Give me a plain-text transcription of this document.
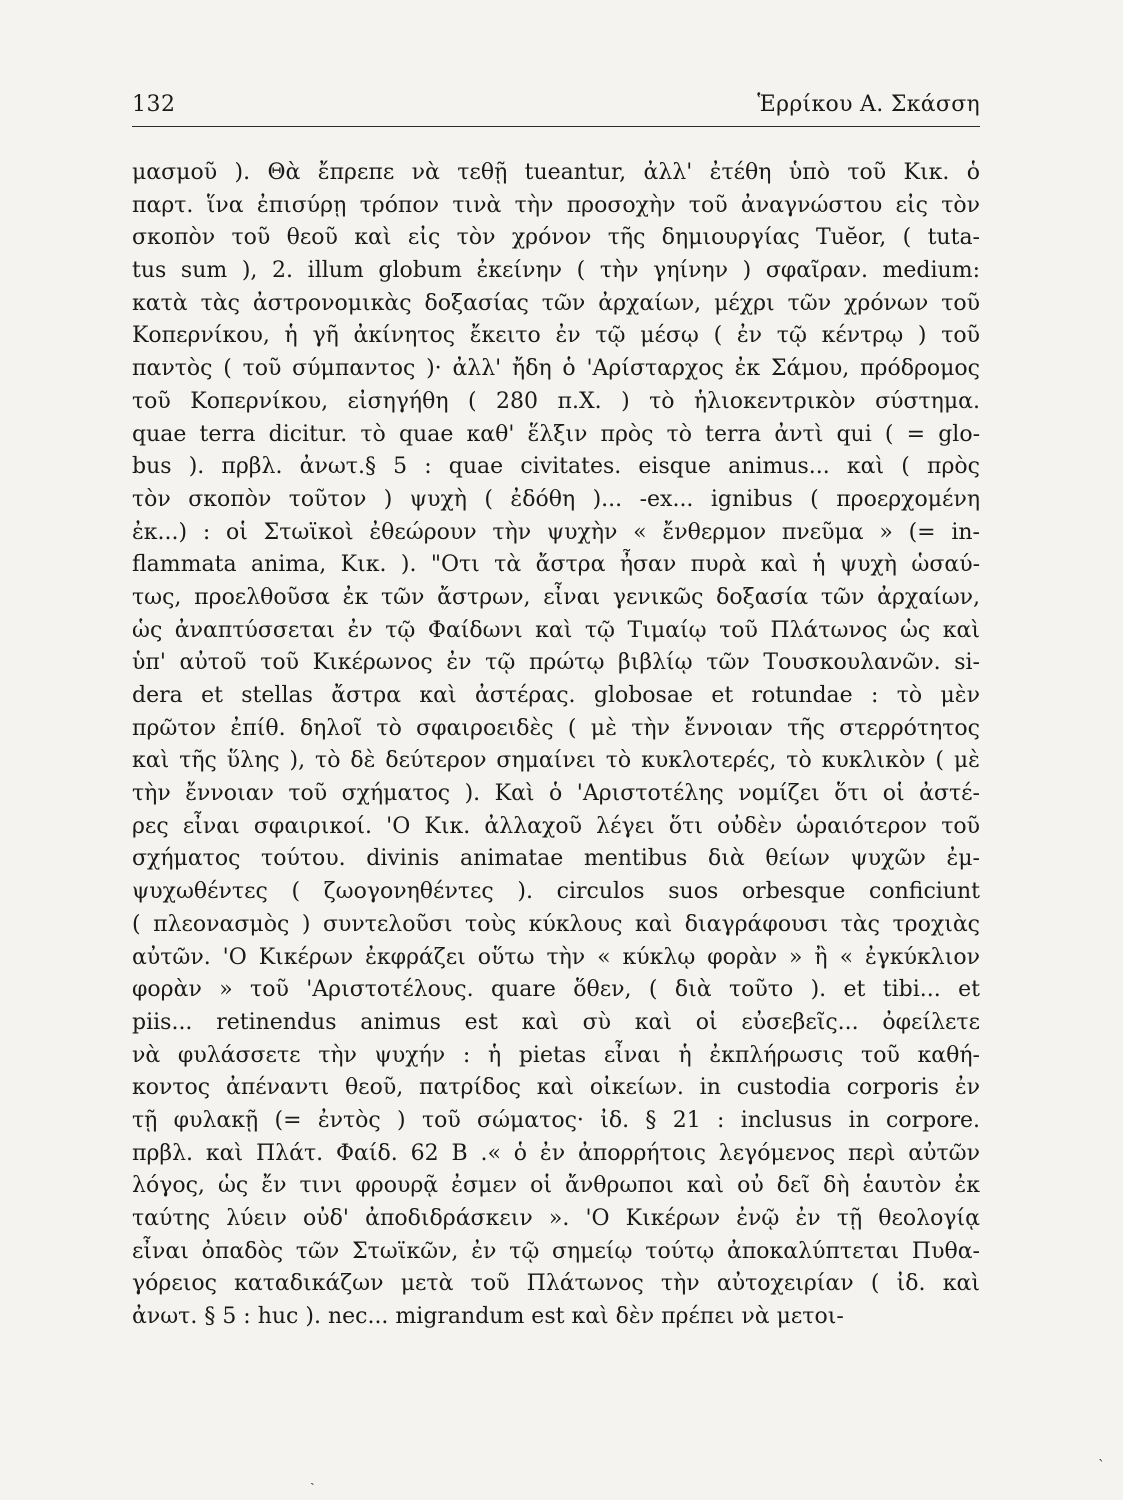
132	Ἑρρίκου Α. Σκάσση
μασμοῦ ). Θὰ ἔπρεπε νὰ τεθῇ tueantur, ἀλλ' ἐτέθη ὑπὸ τοῦ Κικ. ὁ
παρτ. ἵνα ἐπισύρῃ τρόπον τινὰ τὴν προσοχὴν τοῦ ἀναγνώστου εἰς τὸν
σκοπὸν τοῦ θεοῦ καὶ εἰς τὸν χρόνον τῆς δημιουργίας Tuĕor, ( tuta-
tus sum ), 2. illum globum ἐκείνην ( τὴν γηίνην ) σφαῖραν. medium:
κατὰ τὰς ἀστρονομικὰς δοξασίας τῶν ἀρχαίων, μέχρι τῶν χρόνων τοῦ
Κοπερνίκου, ἡ γῆ ἀκίνητος ἔκειτο ἐν τῷ μέσῳ ( ἐν τῷ κέντρῳ ) τοῦ
παντὸς ( τοῦ σύμπαντος )· ἀλλ' ἤδη ὁ 'Αρίσταρχος ἐκ Σάμου, πρόδρομος
τοῦ Κοπερνίκου, εἰσηγήθη ( 280 π.Χ. ) τὸ ἡλιοκεντρικὸν σύστημα.
quae terra dicitur. τὸ quae καθ' ἕλξιν πρὸς τὸ terra ἀντὶ qui ( = glo-
bus ). πρβλ. ἀνωτ.§ 5 : quae civitates. eisque animus... καὶ ( πρὸς
τὸν σκοπὸν τοῦτον ) ψυχὴ ( ἐδόθη )... -ex... ignibus ( προερχομένη
ἐκ...) : οἱ Στωϊκοὶ ἐθεώρουν τὴν ψυχὴν « ἔνθερμον πνεῦμα » (= in-
flammata anima, Κικ. ). "Οτι τὰ ἄστρα ἦσαν πυρὰ καὶ ἡ ψυχὴ ὡσαύ-
τως, προελθοῦσα ἐκ τῶν ἄστρων, εἶναι γενικῶς δοξασία τῶν ἀρχαίων,
ὡς ἀναπτύσσεται ἐν τῷ Φαίδωνι καὶ τῷ Τιμαίῳ τοῦ Πλάτωνος ὡς καὶ
ὑπ' αὐτοῦ τοῦ Κικέρωνος ἐν τῷ πρώτῳ βιβλίῳ τῶν Τουσκουλανῶν. si-
dera et stellas ἄστρα καὶ ἀστέρας. globosae et rotundae : τὸ μὲν
πρῶτον ἐπίθ. δηλοῖ τὸ σφαιροειδὲς ( μὲ τὴν ἔννοιαν τῆς στερρότητος
καὶ τῆς ὕλης ), τὸ δὲ δεύτερον σημαίνει τὸ κυκλοτερές, τὸ κυκλικὸν ( μὲ
τὴν ἔννοιαν τοῦ σχήματος ). Καὶ ὁ 'Αριστοτέλης νομίζει ὅτι οἱ ἀστέ-
ρες εἶναι σφαιρικοί. 'Ο Κικ. ἀλλαχοῦ λέγει ὅτι οὐδὲν ὡραιότερον τοῦ
σχήματος τούτου. divinis animatae mentibus διὰ θείων ψυχῶν ἐμ-
ψυχωθέντες ( ζωογονηθέντες ). circulos suos orbesque conficiunt
( πλεονασμὸς ) συντελοῦσι τοὺς κύκλους καὶ διαγράφουσι τὰς τροχιὰς
αὐτῶν. 'Ο Κικέρων ἐκφράζει οὕτω τὴν « κύκλῳ φορὰν » ἢ « ἐγκύκλιον
φορὰν » τοῦ 'Αριστοτέλους. quare ὅθεν, ( διὰ τοῦτο ). et tibi... et
piis... retinendus animus est καὶ σὺ καὶ οἱ εὐσεβεῖς... ὀφείλετε
νὰ φυλάσσετε τὴν ψυχήν : ἡ pietas εἶναι ἡ ἐκπλήρωσις τοῦ καθή-
κοντος ἀπέναντι θεοῦ, πατρίδος καὶ οἰκείων. in custodia corporis ἐν
τῇ φυλακῇ (= ἐντὸς ) τοῦ σώματος· ἰδ. § 21 : inclusus in corpore.
πρβλ. καὶ Πλάτ. Φαίδ. 62 Β .« ὁ ἐν ἀπορρήτοις λεγόμενος περὶ αὐτῶν
λόγος, ὡς ἔν τινι φρουρᾷ ἐσμεν οἱ ἄνθρωποι καὶ οὐ δεῖ δὴ ἑαυτὸν ἐκ
ταύτης λύειν οὐδ' ἀποδιδράσκειν ». 'Ο Κικέρων ἐνῷ ἐν τῇ θεολογίᾳ
εἶναι ὀπαδὸς τῶν Στωϊκῶν, ἐν τῷ σημείῳ τούτῳ ἀποκαλύπτεται Πυθα-
γόρειος καταδικάζων μετὰ τοῦ Πλάτωνος τὴν αὐτοχειρίαν ( ἰδ. καὶ
ἀνωτ. § 5 : huc ). nec... migrandum est καὶ δὲν πρέπει νὰ μετοι-
ˋ
ˏ
